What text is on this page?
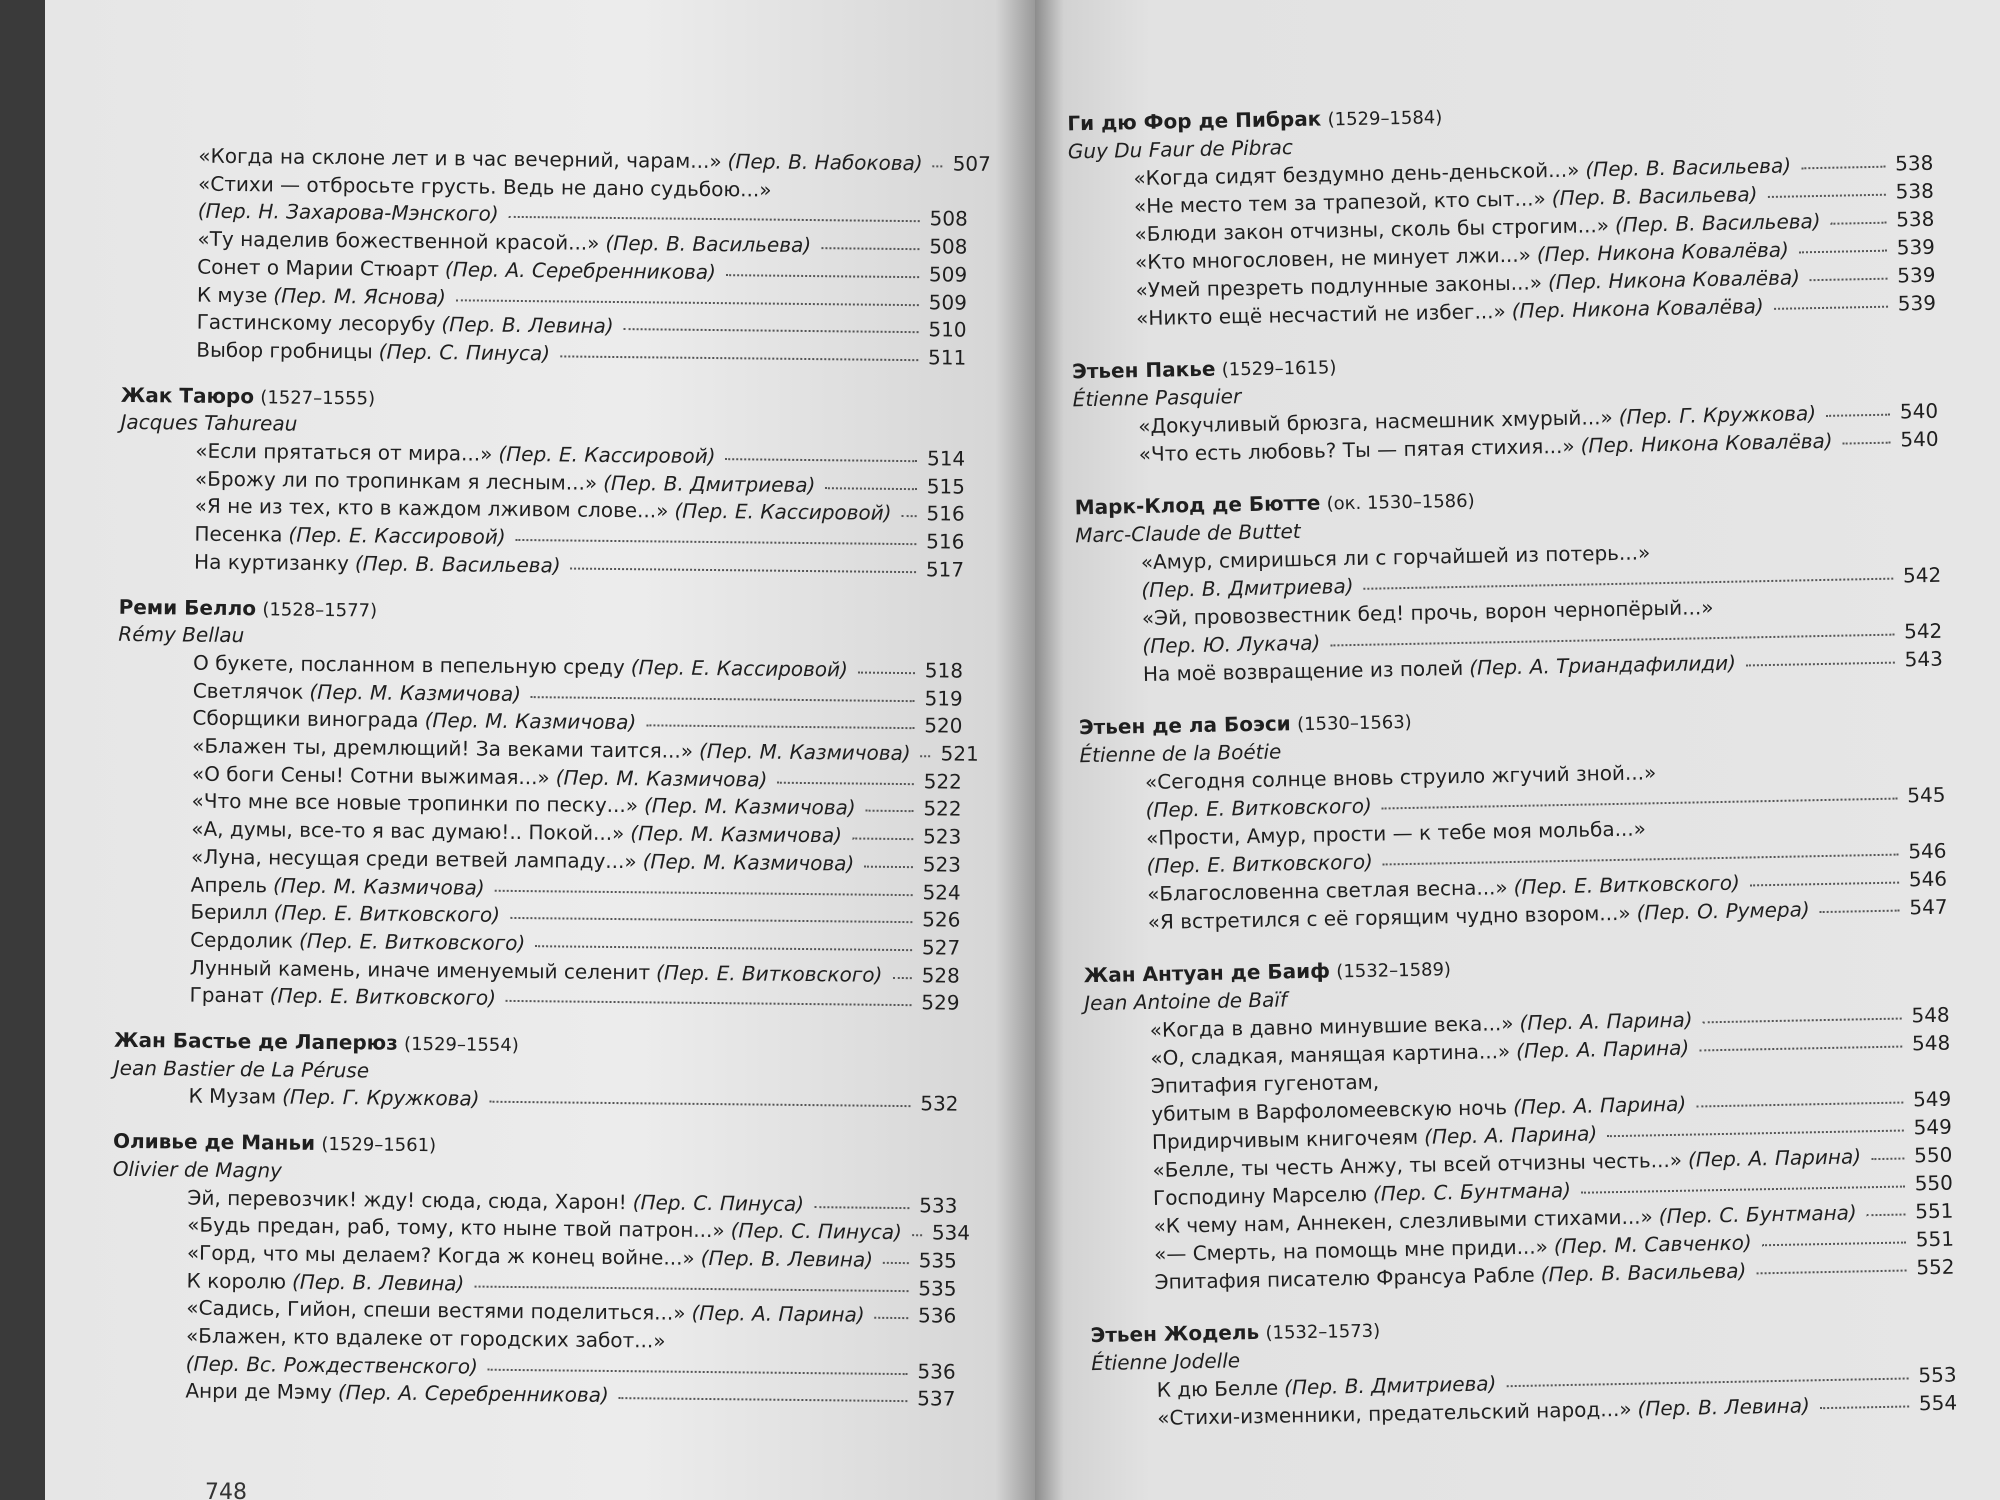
«Когда на склоне лет и в час вечерний, чарам...» (Пер. В. Набокова) 507
«Стихи — отбросьте грусть. Ведь не дано судьбою...»
(Пер. Н. Захарова-Мэнского)	508
«Ту наделив божественной красой...» (Пер. В. Васильева)	508
Сонет о Марии Стюарт (Пер. А. Серебренникова)	509
К музе (Пер. М. Яснова)	509
Гастинскому лесорубу (Пер. В. Левина)	510
Выбор гробницы (Пер. С. Пинуса)	511
Жак Таюро (1527–1555)
Jacques Tahureau
«Если прятаться от мира...» (Пер. Е. Кассировой)	514
«Брожу ли по тропинкам я лесным...» (Пер. В. Дмитриева)	515
«Я не из тех, кто в каждом лживом слове...» (Пер. Е. Кассировой) 516
Песенка (Пер. Е. Кассировой)	516
На куртизанку (Пер. В. Васильева)	517
Реми Белло (1528–1577)
Rémy Bellau
О букете, посланном в пепельную среду (Пер. Е. Кассировой)	518
Светлячок (Пер. М. Казмичова)	519
Сборщики винограда (Пер. М. Казмичова)	520
«Блажен ты, дремлющий! За веками таится...» (Пер. М. Казмичова) 521
«О боги Сены! Сотни выжимая...» (Пер. М. Казмичова)	522
«Что мне все новые тропинки по песку...» (Пер. М. Казмичова)	522
«А, думы, все-то я вас думаю!.. Покой...» (Пер. М. Казмичова)	523
«Луна, несущая среди ветвей лампаду...» (Пер. М. Казмичова)	523
Апрель (Пер. М. Казмичова)	524
Берилл (Пер. Е. Витковского)	526
Сердолик (Пер. Е. Витковского)	527
Лунный камень, иначе именуемый селенит (Пер. Е. Витковского) 528
Гранат (Пер. Е. Витковского)	529
Жан Бастье де Лаперюз (1529–1554)
Jean Bastier de La Péruse
К Музам (Пер. Г. Кружкова)	532
Оливье де Маньи (1529–1561)
Olivier de Magny
Эй, перевозчик! жду! сюда, сюда, Харон! (Пер. С. Пинуса)	533
«Будь предан, раб, тому, кто ныне твой патрон...» (Пер. С. Пинуса) 534
«Горд, что мы делаем? Когда ж конец войне...» (Пер. В. Левина) 535
К королю (Пер. В. Левина)	535
«Садись, Гийон, спеши вестями поделиться...» (Пер. А. Парина)	536
«Блажен, кто вдалеке от городских забот...»
(Пер. Вс. Рождественского)	536
Анри де Мэму (Пер. А. Серебренникова)	537
748
Ги дю Фор де Пибрак (1529–1584)
Guy Du Faur de Pibrac
«Когда сидят бездумно день-деньской...» (Пер. В. Васильева)	538
«Не место тем за трапезой, кто сыт...» (Пер. В. Васильева)	538
«Блюди закон отчизны, сколь бы строгим...» (Пер. В. Васильева)	538
«Кто многословен, не минует лжи...» (Пер. Никона Ковалёва)	539
«Умей презреть подлунные законы...» (Пер. Никона Ковалёва)	539
«Никто ещё несчастий не избег...» (Пер. Никона Ковалёва)	539
Этьен Пакье (1529–1615)
Étienne Pasquier
«Докучливый брюзга, насмешник хмурый...» (Пер. Г. Кружкова)	540
«Что есть любовь? Ты — пятая стихия...» (Пер. Никона Ковалёва)	540
Марк-Клод де Бютте (ок. 1530–1586)
Marc-Claude de Buttet
«Амур, смиришься ли с горчайшей из потерь...»
(Пер. В. Дмитриева)	542
«Эй, провозвестник бед! прочь, ворон чернопёрый...»
(Пер. Ю. Лукача)	542
На моё возвращение из полей (Пер. А. Триандафилиди)	543
Этьен де ла Боэси (1530–1563)
Étienne de la Boétie
«Сегодня солнце вновь струило жгучий зной...»
(Пер. Е. Витковского)	545
«Прости, Амур, прости — к тебе моя мольба...»
(Пер. Е. Витковского)	546
«Благословенна светлая весна...» (Пер. Е. Витковского)	546
«Я встретился с её горящим чудно взором...» (Пер. О. Румера)	547
Жан Антуан де Баиф (1532–1589)
Jean Antoine de Baïf
«Когда в давно минувшие века...» (Пер. А. Парина)	548
«О, сладкая, манящая картина...» (Пер. А. Парина)	548
Эпитафия гугенотам,
убитым в Варфоломеевскую ночь (Пер. А. Парина)	549
Придирчивым книгочеям (Пер. А. Парина)	549
«Белле, ты честь Анжу, ты всей отчизны честь...» (Пер. А. Парина)	550
Господину Марселю (Пер. С. Бунтмана)	550
«К чему нам, Аннекен, слезливыми стихами...» (Пер. С. Бунтмана)	551
«— Смерть, на помощь мне приди...» (Пер. М. Савченко)	551
Эпитафия писателю Франсуа Рабле (Пер. В. Васильева)	552
Этьен Жодель (1532–1573)
Étienne Jodelle
К дю Белле (Пер. В. Дмитриева)	553
«Стихи-изменники, предательский народ...» (Пер. В. Левина)	554
